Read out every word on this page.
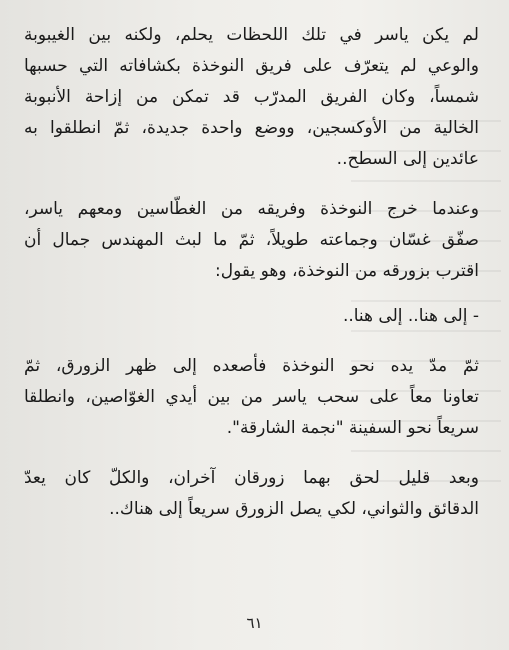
لم يكن ياسر في تلك اللحظات يحلم، ولكنه بين الغيبوبة
والوعي لم يتعرّف على فريق النوخذة بكشافاته التي حسبها
شمساً، وكان الفريق المدرّب قد تمكن من إزاحة الأنبوبة
الخالية من الأوكسجين، ووضع واحدة جديدة، ثمّ انطلقوا به
عائدين إلى السطح..
وعندما خرج النوخذة وفريقه من الغطّاسين ومعهم ياسر،
صفّق غسّان وجماعته طويلاً، ثمّ ما لبث المهندس جمال أن
اقترب بزورقه من النوخذة، وهو يقول:
- إلى هنا.. إلى هنا..
ثمّ مدّ يده نحو النوخذة فأصعده إلى ظهر الزورق، ثمّ
تعاونا معاً على سحب ياسر من بين أيدي الغوّاصين، وانطلقا
سريعاً نحو السفينة "نجمة الشارقة".
وبعد قليل لحق بهما زورقان آخران، والكلّ كان يعدّ
الدقائق والثواني، لكي يصل الزورق سريعاً إلى هناك..
٦١
